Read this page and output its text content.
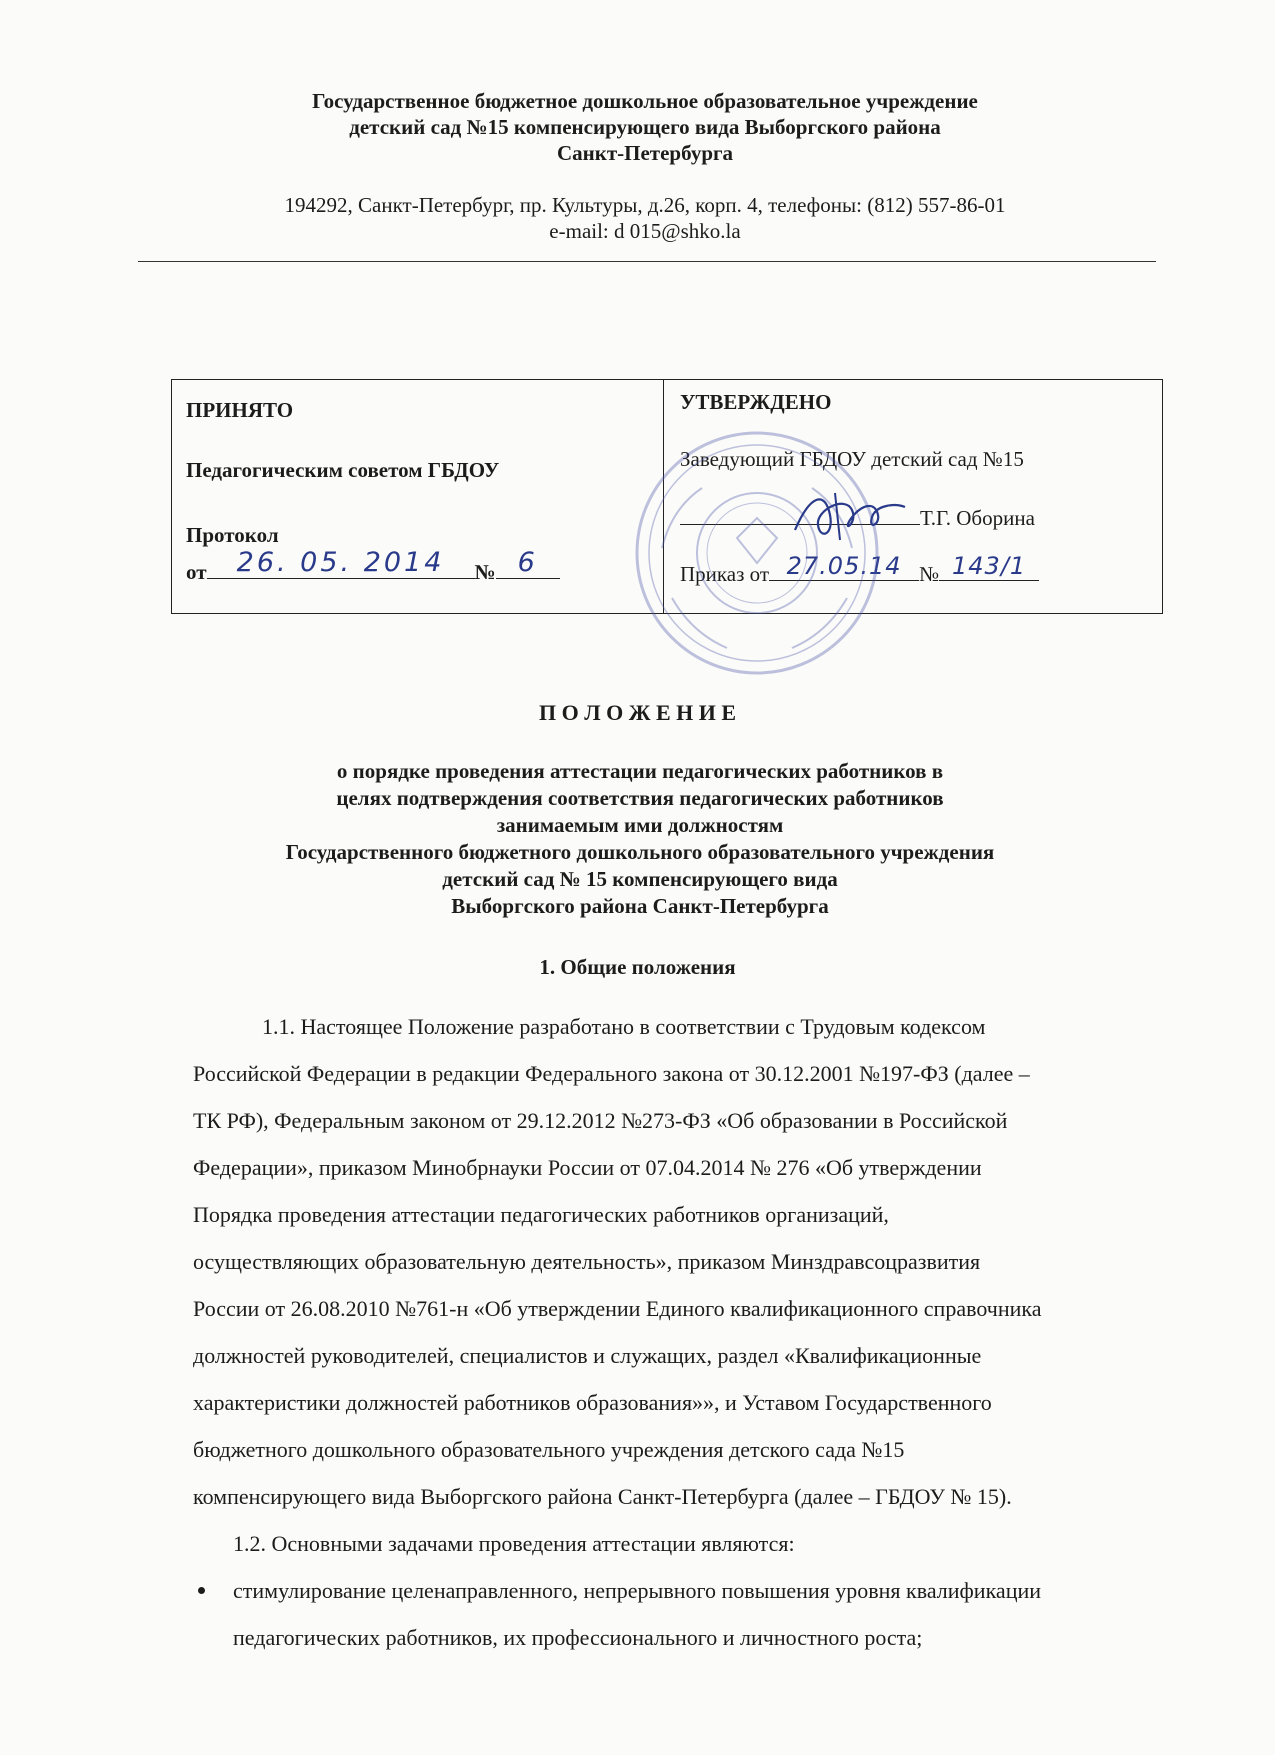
Государственное бюджетное дошкольное образовательное учреждение
детский сад №15 компенсирующего вида Выборгского района
Санкт-Петербурга
194292, Санкт-Петербург, пр. Культуры, д.26, корп. 4, телефоны: (812) 557-86-01
e-mail: d 015@shko.la
ПРИНЯТО
Педагогическим советом ГБДОУ
Протокол
от	26. 05. 2014	№ 6
УТВЕРЖДЕНО
Заведующий ГБДОУ детский сад №15
Т.Г. Оборина
Приказ от 27.05.14 № 143/1
П О Л О Ж Е Н И Е
о порядке проведения аттестации педагогических работников в
целях подтверждения соответствия педагогических работников
занимаемым ими должностям
Государственного бюджетного дошкольного образовательного учреждения
детский сад № 15 компенсирующего вида
Выборгского района Санкт-Петербурга
1. Общие положения
1.1. Настоящее Положение разработано в соответствии с Трудовым кодексом
Российской Федерации в редакции Федерального закона от 30.12.2001 №197-ФЗ (далее –
ТК РФ), Федеральным законом от 29.12.2012 №273-ФЗ «Об образовании в Российской
Федерации», приказом Минобрнауки России от 07.04.2014 № 276 «Об утверждении
Порядка проведения аттестации педагогических работников организаций,
осуществляющих образовательную деятельность», приказом Минздравсоцразвития
России от 26.08.2010 №761-н «Об утверждении Единого квалификационного справочника
должностей руководителей, специалистов и служащих, раздел «Квалификационные
характеристики должностей работников образования»», и Уставом Государственного
бюджетного дошкольного образовательного учреждения детского сада №15
компенсирующего вида Выборгского района Санкт-Петербурга (далее – ГБДОУ № 15).
1.2. Основными задачами проведения аттестации являются:
стимулирование целенаправленного, непрерывного повышения уровня квалификации
педагогических работников, их профессионального и личностного роста;
